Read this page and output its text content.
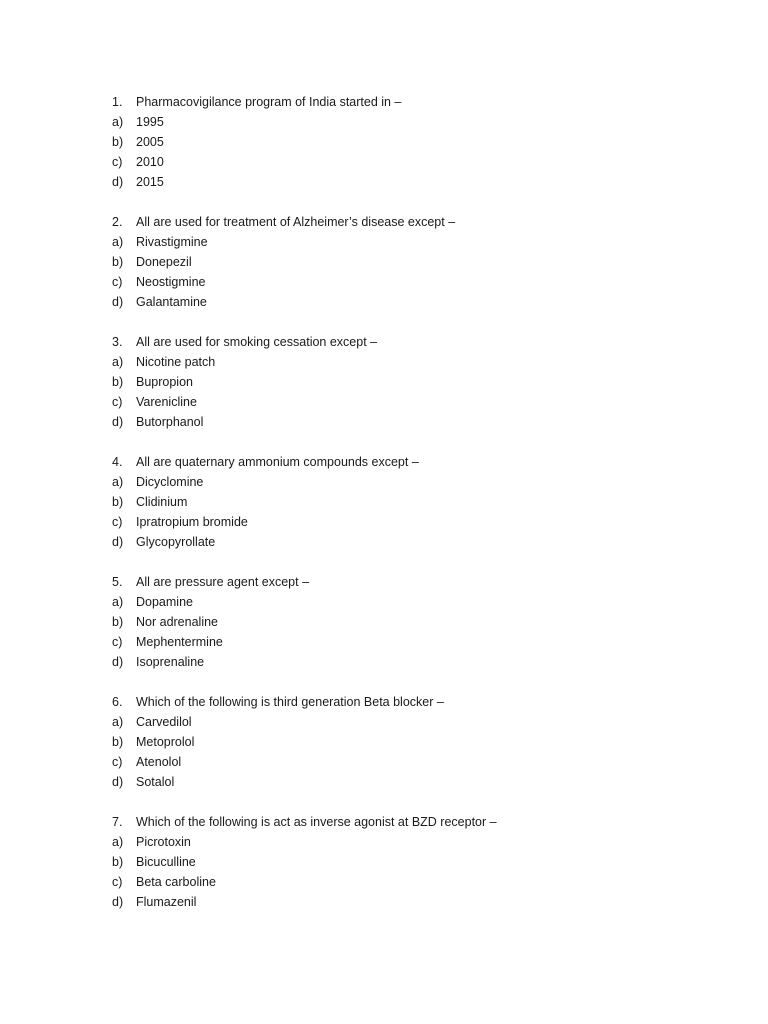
1.	Pharmacovigilance program of India started in –
a)	1995
b)	2005
c)	2010
d)	2015
2.	All are used for treatment of Alzheimer’s disease except –
a)	Rivastigmine
b)	Donepezil
c)	Neostigmine
d)	Galantamine
3.	All are used for smoking cessation except –
a)	Nicotine patch
b)	Bupropion
c)	Varenicline
d)	Butorphanol
4.	All are quaternary ammonium compounds except –
a)	Dicyclomine
b)	Clidinium
c)	Ipratropium bromide
d)	Glycopyrollate
5.	All are pressure agent except –
a)	Dopamine
b)	Nor adrenaline
c)	Mephentermine
d)	Isoprenaline
6.	Which of the following is third generation Beta blocker –
a)	Carvedilol
b)	Metoprolol
c)	Atenolol
d)	Sotalol
7.	Which of the following is act as inverse agonist at BZD receptor –
a)	Picrotoxin
b)	Bicuculline
c)	Beta carboline
d)	Flumazenil
